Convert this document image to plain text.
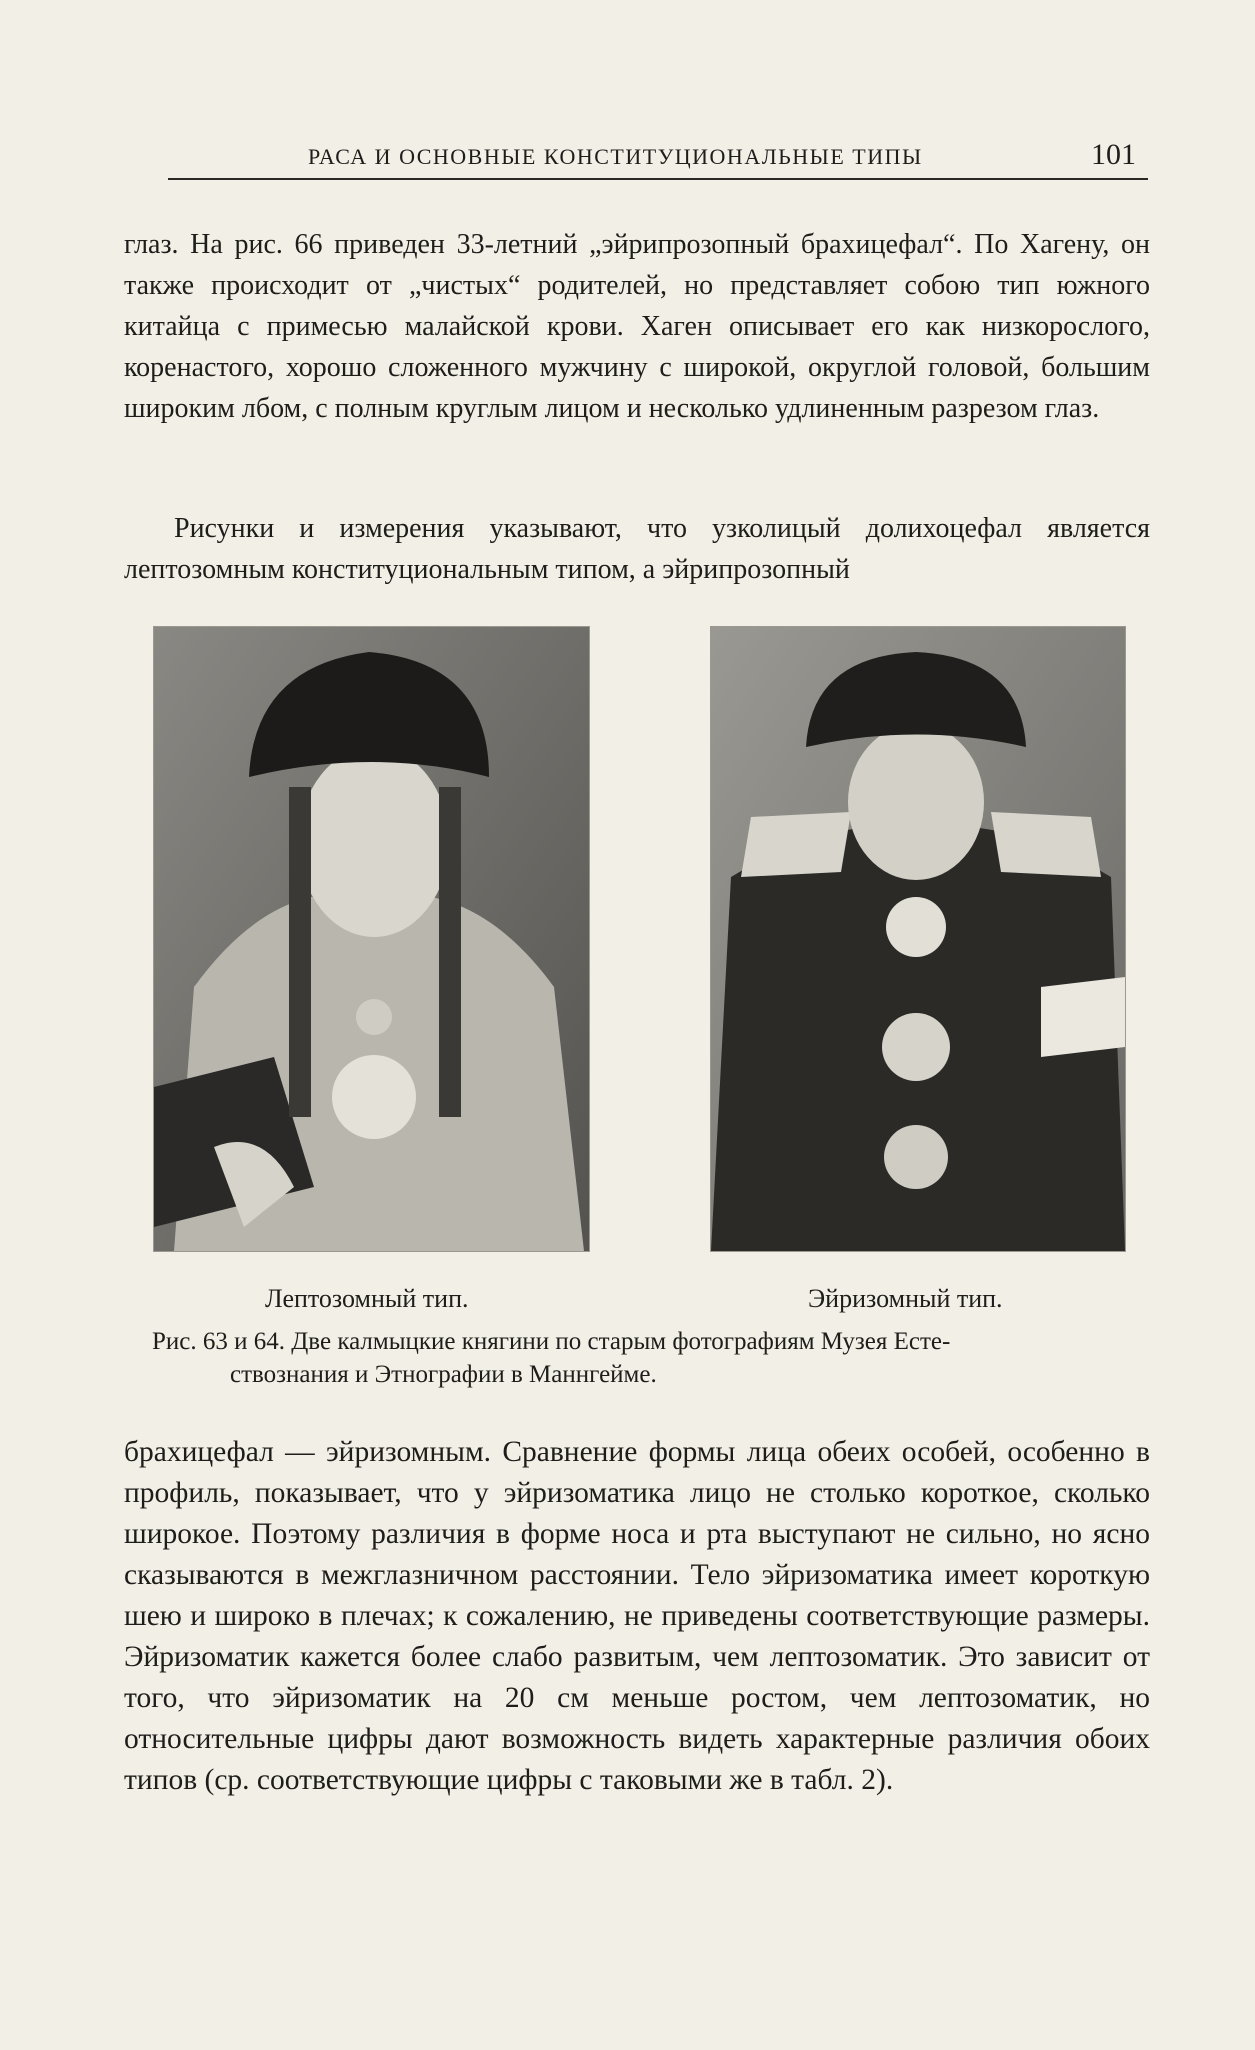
РАСА И ОСНОВНЫЕ КОНСТИТУЦИОНАЛЬНЫЕ ТИПЫ	101

глаз. На рис. 66 приведен 33-летний „эйрипрозопный брахицефал“. По Хагену, он также происходит от „чистых“ родителей, но представляет собою тип южного китайца с примесью малайской крови. Хаген описывает его как низкорослого, коренастого, хорошо сложенного мужчину с широкой, округлой головой, большим широким лбом, с полным круглым лицом и несколько удлиненным разрезом глаз.

Рисунки и измерения указывают, что узколицый долихоцефал является лептозомным конституциональным типом, а эйрипрозопный

Лептозомный тип.	Эйризомный тип.

Рис. 63 и 64. Две калмыцкие княгини по старым фотографиям Музея Есте-
ствознания и Этнографии в Маннгейме.

брахицефал — эйризомным. Сравнение формы лица обеих особей, особенно в профиль, показывает, что у эйризоматика лицо не столько короткое, сколько широкое. Поэтому различия в форме носа и рта выступают не сильно, но ясно сказываются в межглазничном расстоянии. Тело эйризоматика имеет короткую шею и широко в плечах; к сожалению, не приведены соответствующие размеры. Эйризоматик кажется более слабо развитым, чем лептозоматик. Это зависит от того, что эйризоматик на 20 см меньше ростом, чем лептозоматик, но относительные цифры дают возможность видеть характерные различия обоих типов (ср. соответствующие цифры с таковыми же в табл. 2).
